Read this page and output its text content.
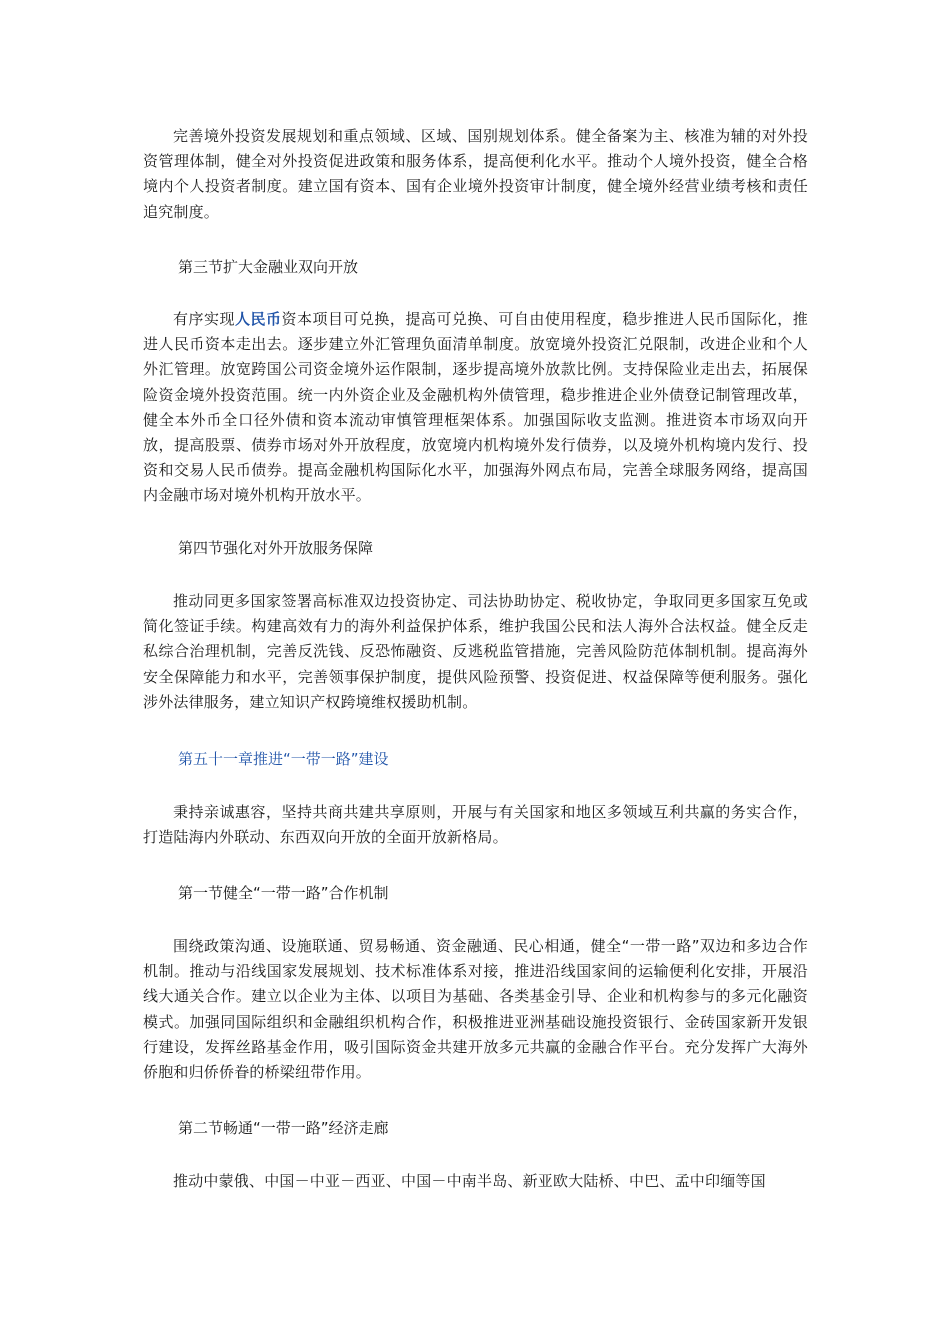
完善境外投资发展规划和重点领域、区域、国别规划体系。健全备案为主、核准为辅的对外投资管理体制，健全对外投资促进政策和服务体系，提高便利化水平。推动个人境外投资，健全合格境内个人投资者制度。建立国有资本、国有企业境外投资审计制度，健全境外经营业绩考核和责任追究制度。

第三节扩大金融业双向开放

有序实现人民币资本项目可兑换，提高可兑换、可自由使用程度，稳步推进人民币国际化，推进人民币资本走出去。逐步建立外汇管理负面清单制度。放宽境外投资汇兑限制，改进企业和个人外汇管理。放宽跨国公司资金境外运作限制，逐步提高境外放款比例。支持保险业走出去，拓展保险资金境外投资范围。统一内外资企业及金融机构外债管理，稳步推进企业外债登记制管理改革，健全本外币全口径外债和资本流动审慎管理框架体系。加强国际收支监测。推进资本市场双向开放，提高股票、债券市场对外开放程度，放宽境内机构境外发行债券，以及境外机构境内发行、投资和交易人民币债券。提高金融机构国际化水平，加强海外网点布局，完善全球服务网络，提高国内金融市场对境外机构开放水平。

第四节强化对外开放服务保障

推动同更多国家签署高标准双边投资协定、司法协助协定、税收协定，争取同更多国家互免或简化签证手续。构建高效有力的海外利益保护体系，维护我国公民和法人海外合法权益。健全反走私综合治理机制，完善反洗钱、反恐怖融资、反逃税监管措施，完善风险防范体制机制。提高海外安全保障能力和水平，完善领事保护制度，提供风险预警、投资促进、权益保障等便利服务。强化涉外法律服务，建立知识产权跨境维权援助机制。

第五十一章推进“一带一路”建设

秉持亲诚惠容，坚持共商共建共享原则，开展与有关国家和地区多领域互利共赢的务实合作，打造陆海内外联动、东西双向开放的全面开放新格局。

第一节健全“一带一路”合作机制

围绕政策沟通、设施联通、贸易畅通、资金融通、民心相通，健全“一带一路”双边和多边合作机制。推动与沿线国家发展规划、技术标准体系对接，推进沿线国家间的运输便利化安排，开展沿线大通关合作。建立以企业为主体、以项目为基础、各类基金引导、企业和机构参与的多元化融资模式。加强同国际组织和金融组织机构合作，积极推进亚洲基础设施投资银行、金砖国家新开发银行建设，发挥丝路基金作用，吸引国际资金共建开放多元共赢的金融合作平台。充分发挥广大海外侨胞和归侨侨眷的桥梁纽带作用。

第二节畅通“一带一路”经济走廊

推动中蒙俄、中国－中亚－西亚、中国－中南半岛、新亚欧大陆桥、中巴、孟中印缅等国
